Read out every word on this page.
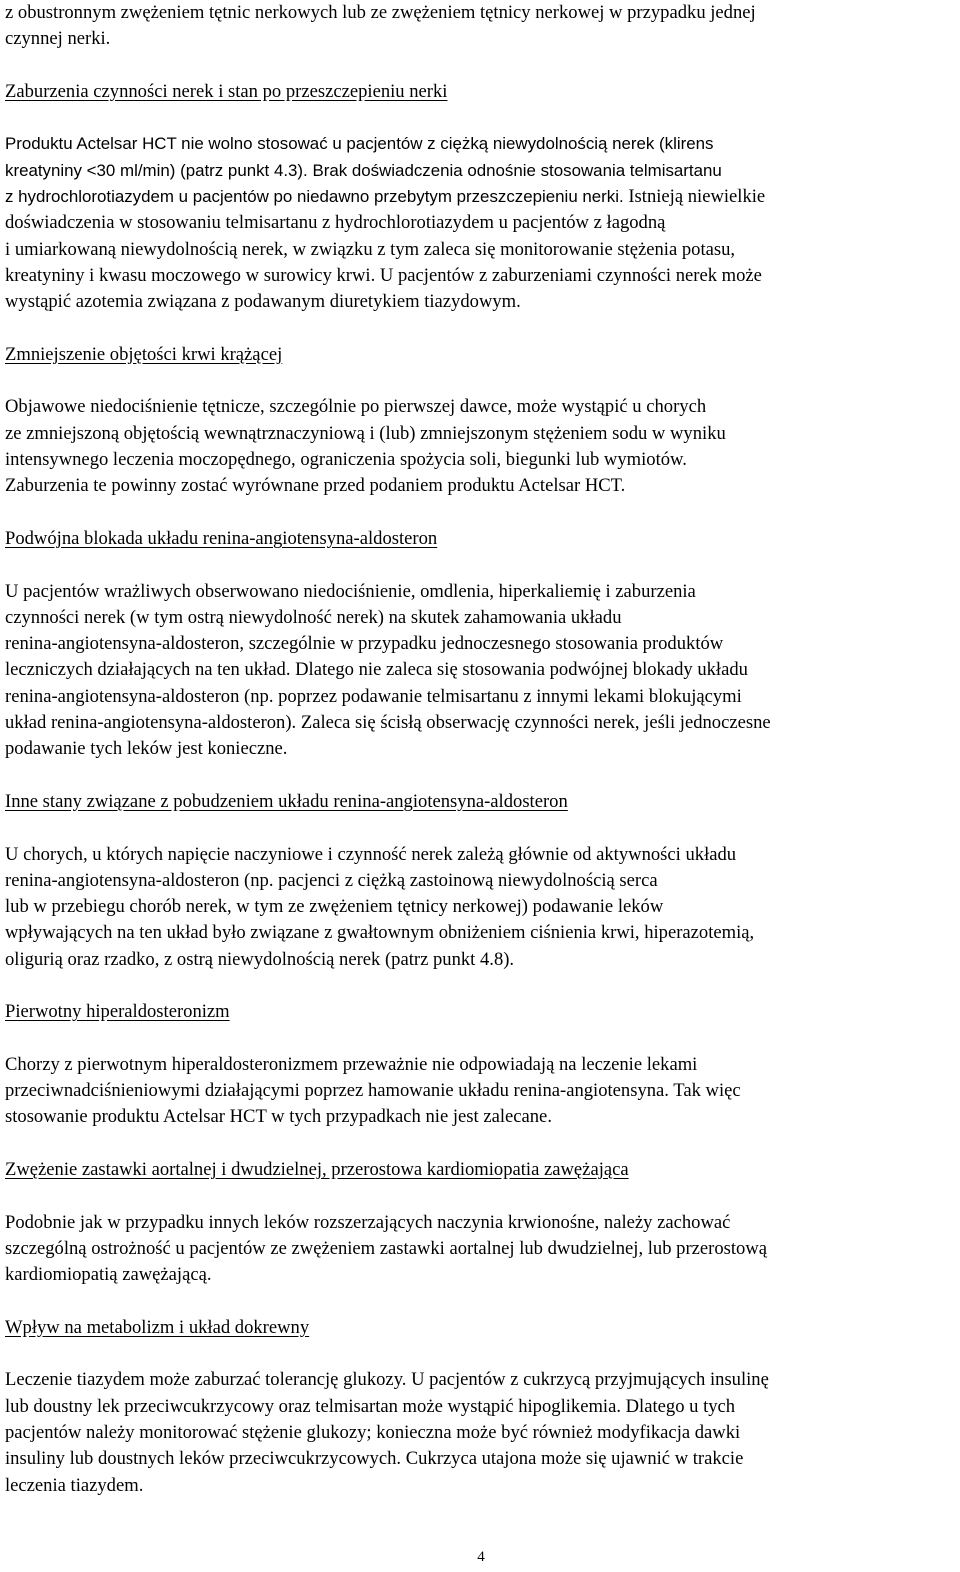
z obustronnym zwężeniem tętnic nerkowych lub ze zwężeniem tętnicy nerkowej w przypadku jednej

czynnej nerki.

Zaburzenia czynności nerek i stan po przeszczepieniu nerki

Produktu Actelsar HCT nie wolno stosować u pacjentów z ciężką niewydolnością nerek (klirens

kreatyniny <30 ml/min) (patrz punkt 4.3). Brak doświadczenia odnośnie stosowania telmisartanu

z hydrochlorotiazydem u pacjentów po niedawno przebytym przeszczepieniu nerki. Istnieją niewielkie

doświadczenia w stosowaniu telmisartanu z hydrochlorotiazydem u pacjentów z łagodną

i umiarkowaną niewydolnością nerek, w związku z tym zaleca się monitorowanie stężenia potasu,

kreatyniny i kwasu moczowego w surowicy krwi. U pacjentów z zaburzeniami czynności nerek może

wystąpić azotemia związana z podawanym diuretykiem tiazydowym.

Zmniejszenie objętości krwi krążącej

Objawowe niedociśnienie tętnicze, szczególnie po pierwszej dawce, może wystąpić u chorych

ze zmniejszoną objętością wewnątrznaczyniową i (lub) zmniejszonym stężeniem sodu w wyniku

intensywnego leczenia moczopędnego, ograniczenia spożycia soli, biegunki lub wymiotów.

Zaburzenia te powinny zostać wyrównane przed podaniem produktu Actelsar HCT.

Podwójna blokada układu renina-angiotensyna-aldosteron

U pacjentów wrażliwych obserwowano niedociśnienie, omdlenia, hiperkaliemię i zaburzenia

czynności nerek (w tym ostrą niewydolność nerek) na skutek zahamowania układu

renina-angiotensyna-aldosteron, szczególnie w przypadku jednoczesnego stosowania produktów

leczniczych działających na ten układ. Dlatego nie zaleca się stosowania podwójnej blokady układu

renina-angiotensyna-aldosteron (np. poprzez podawanie telmisartanu z innymi lekami blokującymi

układ renina-angiotensyna-aldosteron). Zaleca się ścisłą obserwację czynności nerek, jeśli jednoczesne

podawanie tych leków jest konieczne.

Inne stany związane z pobudzeniem układu renina-angiotensyna-aldosteron

U chorych, u których napięcie naczyniowe i czynność nerek zależą głównie od aktywności układu

renina-angiotensyna-aldosteron (np. pacjenci z ciężką zastoinową niewydolnością serca

lub w przebiegu chorób nerek, w tym ze zwężeniem tętnicy nerkowej) podawanie leków

wpływających na ten układ było związane z gwałtownym obniżeniem ciśnienia krwi, hiperazotemią,

oligurią oraz rzadko, z ostrą niewydolnością nerek (patrz punkt 4.8).

Pierwotny hiperaldosteronizm

Chorzy z pierwotnym hiperaldosteronizmem przeważnie nie odpowiadają na leczenie lekami

przeciwnadciśnieniowymi działającymi poprzez hamowanie układu renina-angiotensyna. Tak więc

stosowanie produktu Actelsar HCT w tych przypadkach nie jest zalecane.

Zwężenie zastawki aortalnej i dwudzielnej, przerostowa kardiomiopatia zawężająca

Podobnie jak w przypadku innych leków rozszerzających naczynia krwionośne, należy zachować

szczególną ostrożność u pacjentów ze zwężeniem zastawki aortalnej lub dwudzielnej, lub przerostową

kardiomiopatią zawężającą.

Wpływ na metabolizm i układ dokrewny

Leczenie tiazydem może zaburzać tolerancję glukozy. U pacjentów z cukrzycą przyjmujących insulinę

lub doustny lek przeciwcukrzycowy oraz telmisartan może wystąpić hipoglikemia. Dlatego u tych

pacjentów należy monitorować stężenie glukozy; konieczna może być również modyfikacja dawki

insuliny lub doustnych leków przeciwcukrzycowych. Cukrzyca utajona może się ujawnić w trakcie

leczenia tiazydem.

4
